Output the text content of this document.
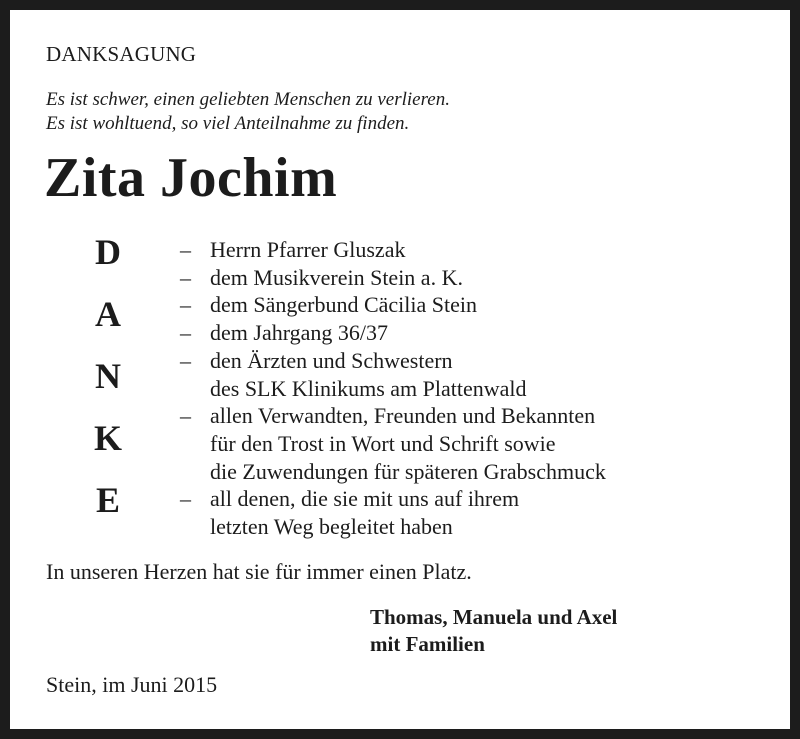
DANKSAGUNG
Es ist schwer, einen geliebten Menschen zu verlieren.
Es ist wohltuend, so viel Anteilnahme zu finden.
Zita Jochim
D
A
N
K
E
– Herrn Pfarrer Gluszak
– dem Musikverein Stein a. K.
– dem Sängerbund Cäcilia Stein
– dem Jahrgang 36/37
– den Ärzten und Schwestern
des SLK Klinikums am Plattenwald
– allen Verwandten, Freunden und Bekannten
für den Trost in Wort und Schrift sowie
die Zuwendungen für späteren Grabschmuck
– all denen, die sie mit uns auf ihrem
letzten Weg begleitet haben
In unseren Herzen hat sie für immer einen Platz.
Thomas, Manuela und Axel
mit Familien
Stein, im Juni 2015
